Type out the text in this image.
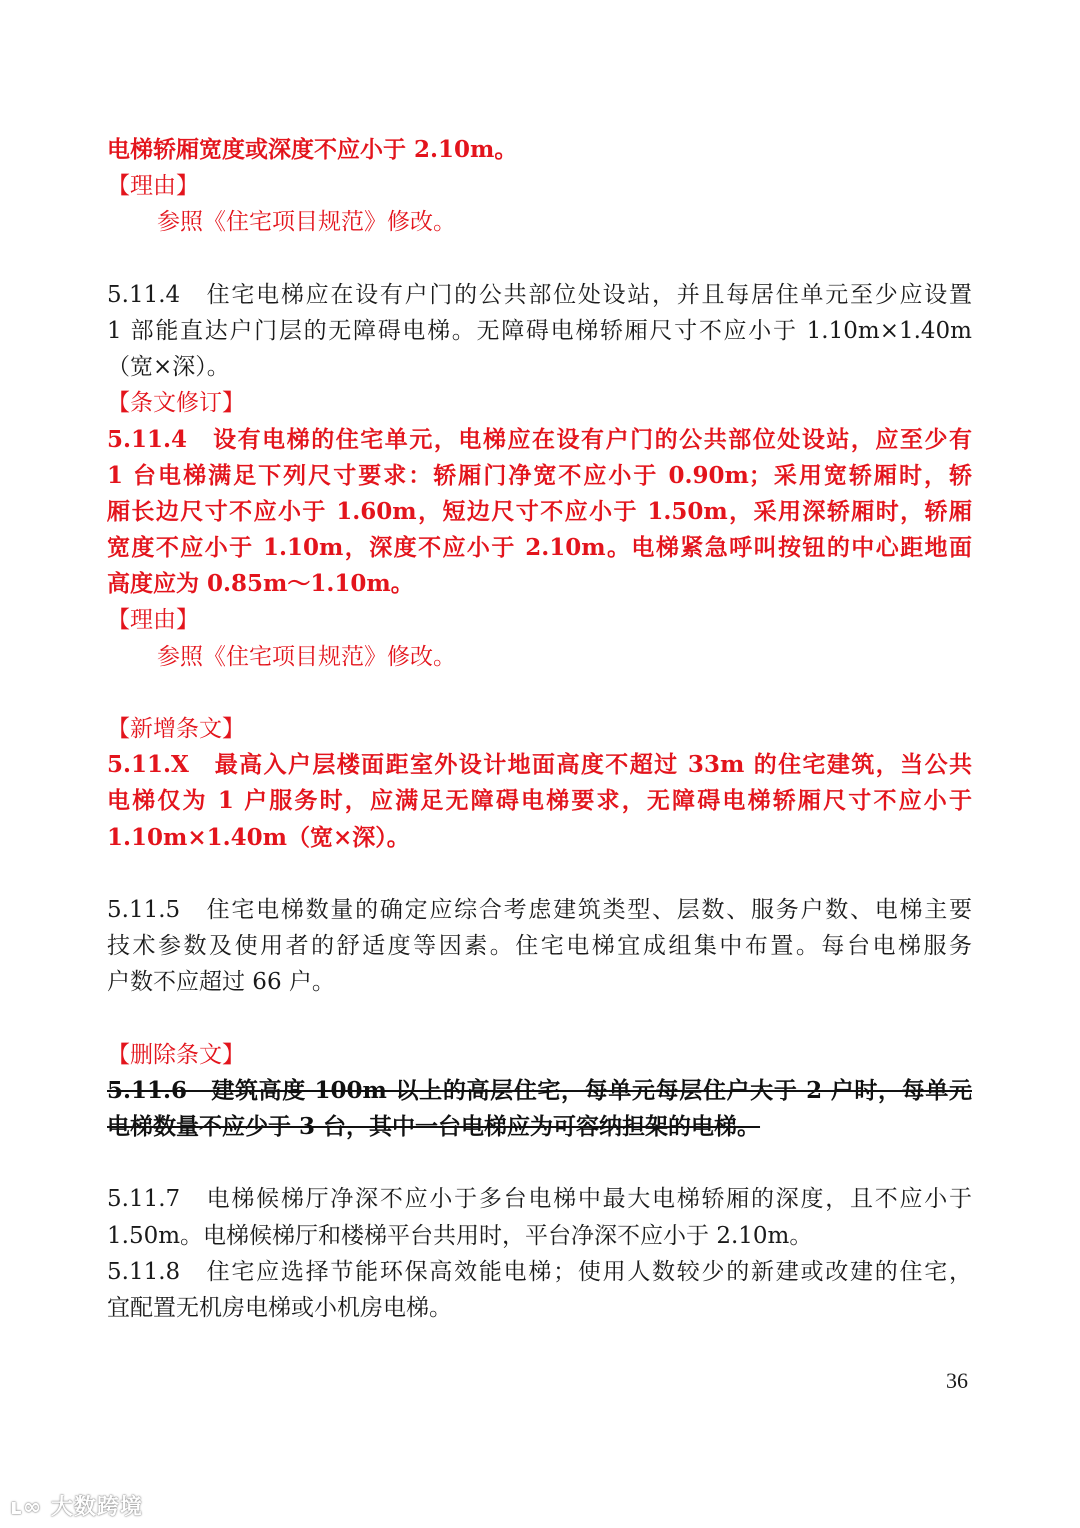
电梯轿厢宽度或深度不应小于 2.10m。
【理由】
参照《住宅项目规范》修改。
5.11.4　住宅电梯应在设有户门的公共部位处设站，并且每居住单元至少应设置
1 部能直达户门层的无障碍电梯。无障碍电梯轿厢尺寸不应小于 1.10m×1.40m
（宽×深）。
【条文修订】
5.11.4　设有电梯的住宅单元，电梯应在设有户门的公共部位处设站，应至少有
1 台电梯满足下列尺寸要求：轿厢门净宽不应小于 0.90m；采用宽轿厢时，轿
厢长边尺寸不应小于 1.60m，短边尺寸不应小于 1.50m，采用深轿厢时，轿厢
宽度不应小于 1.10m，深度不应小于 2.10m。电梯紧急呼叫按钮的中心距地面
高度应为 0.85m～1.10m。
【理由】
参照《住宅项目规范》修改。
【新增条文】
5.11.X　最高入户层楼面距室外设计地面高度不超过 33m 的住宅建筑，当公共
电梯仅为 1 户服务时，应满足无障碍电梯要求，无障碍电梯轿厢尺寸不应小于
1.10m×1.40m（宽×深）。
5.11.5　住宅电梯数量的确定应综合考虑建筑类型、层数、服务户数、电梯主要
技术参数及使用者的舒适度等因素。住宅电梯宜成组集中布置。每台电梯服务
户数不应超过 66 户。
【删除条文】
5.11.6　建筑高度 100m 以上的高层住宅，每单元每层住户大于 2 户时，每单元
电梯数量不应少于 3 台，其中一台电梯应为可容纳担架的电梯。
5.11.7　电梯候梯厅净深不应小于多台电梯中最大电梯轿厢的深度，且不应小于
1.50m。电梯候梯厅和楼梯平台共用时，平台净深不应小于 2.10m。
5.11.8　住宅应选择节能环保高效能电梯；使用人数较少的新建或改建的住宅，
宜配置无机房电梯或小机房电梯。
36
ʟ∞ 大数跨境
